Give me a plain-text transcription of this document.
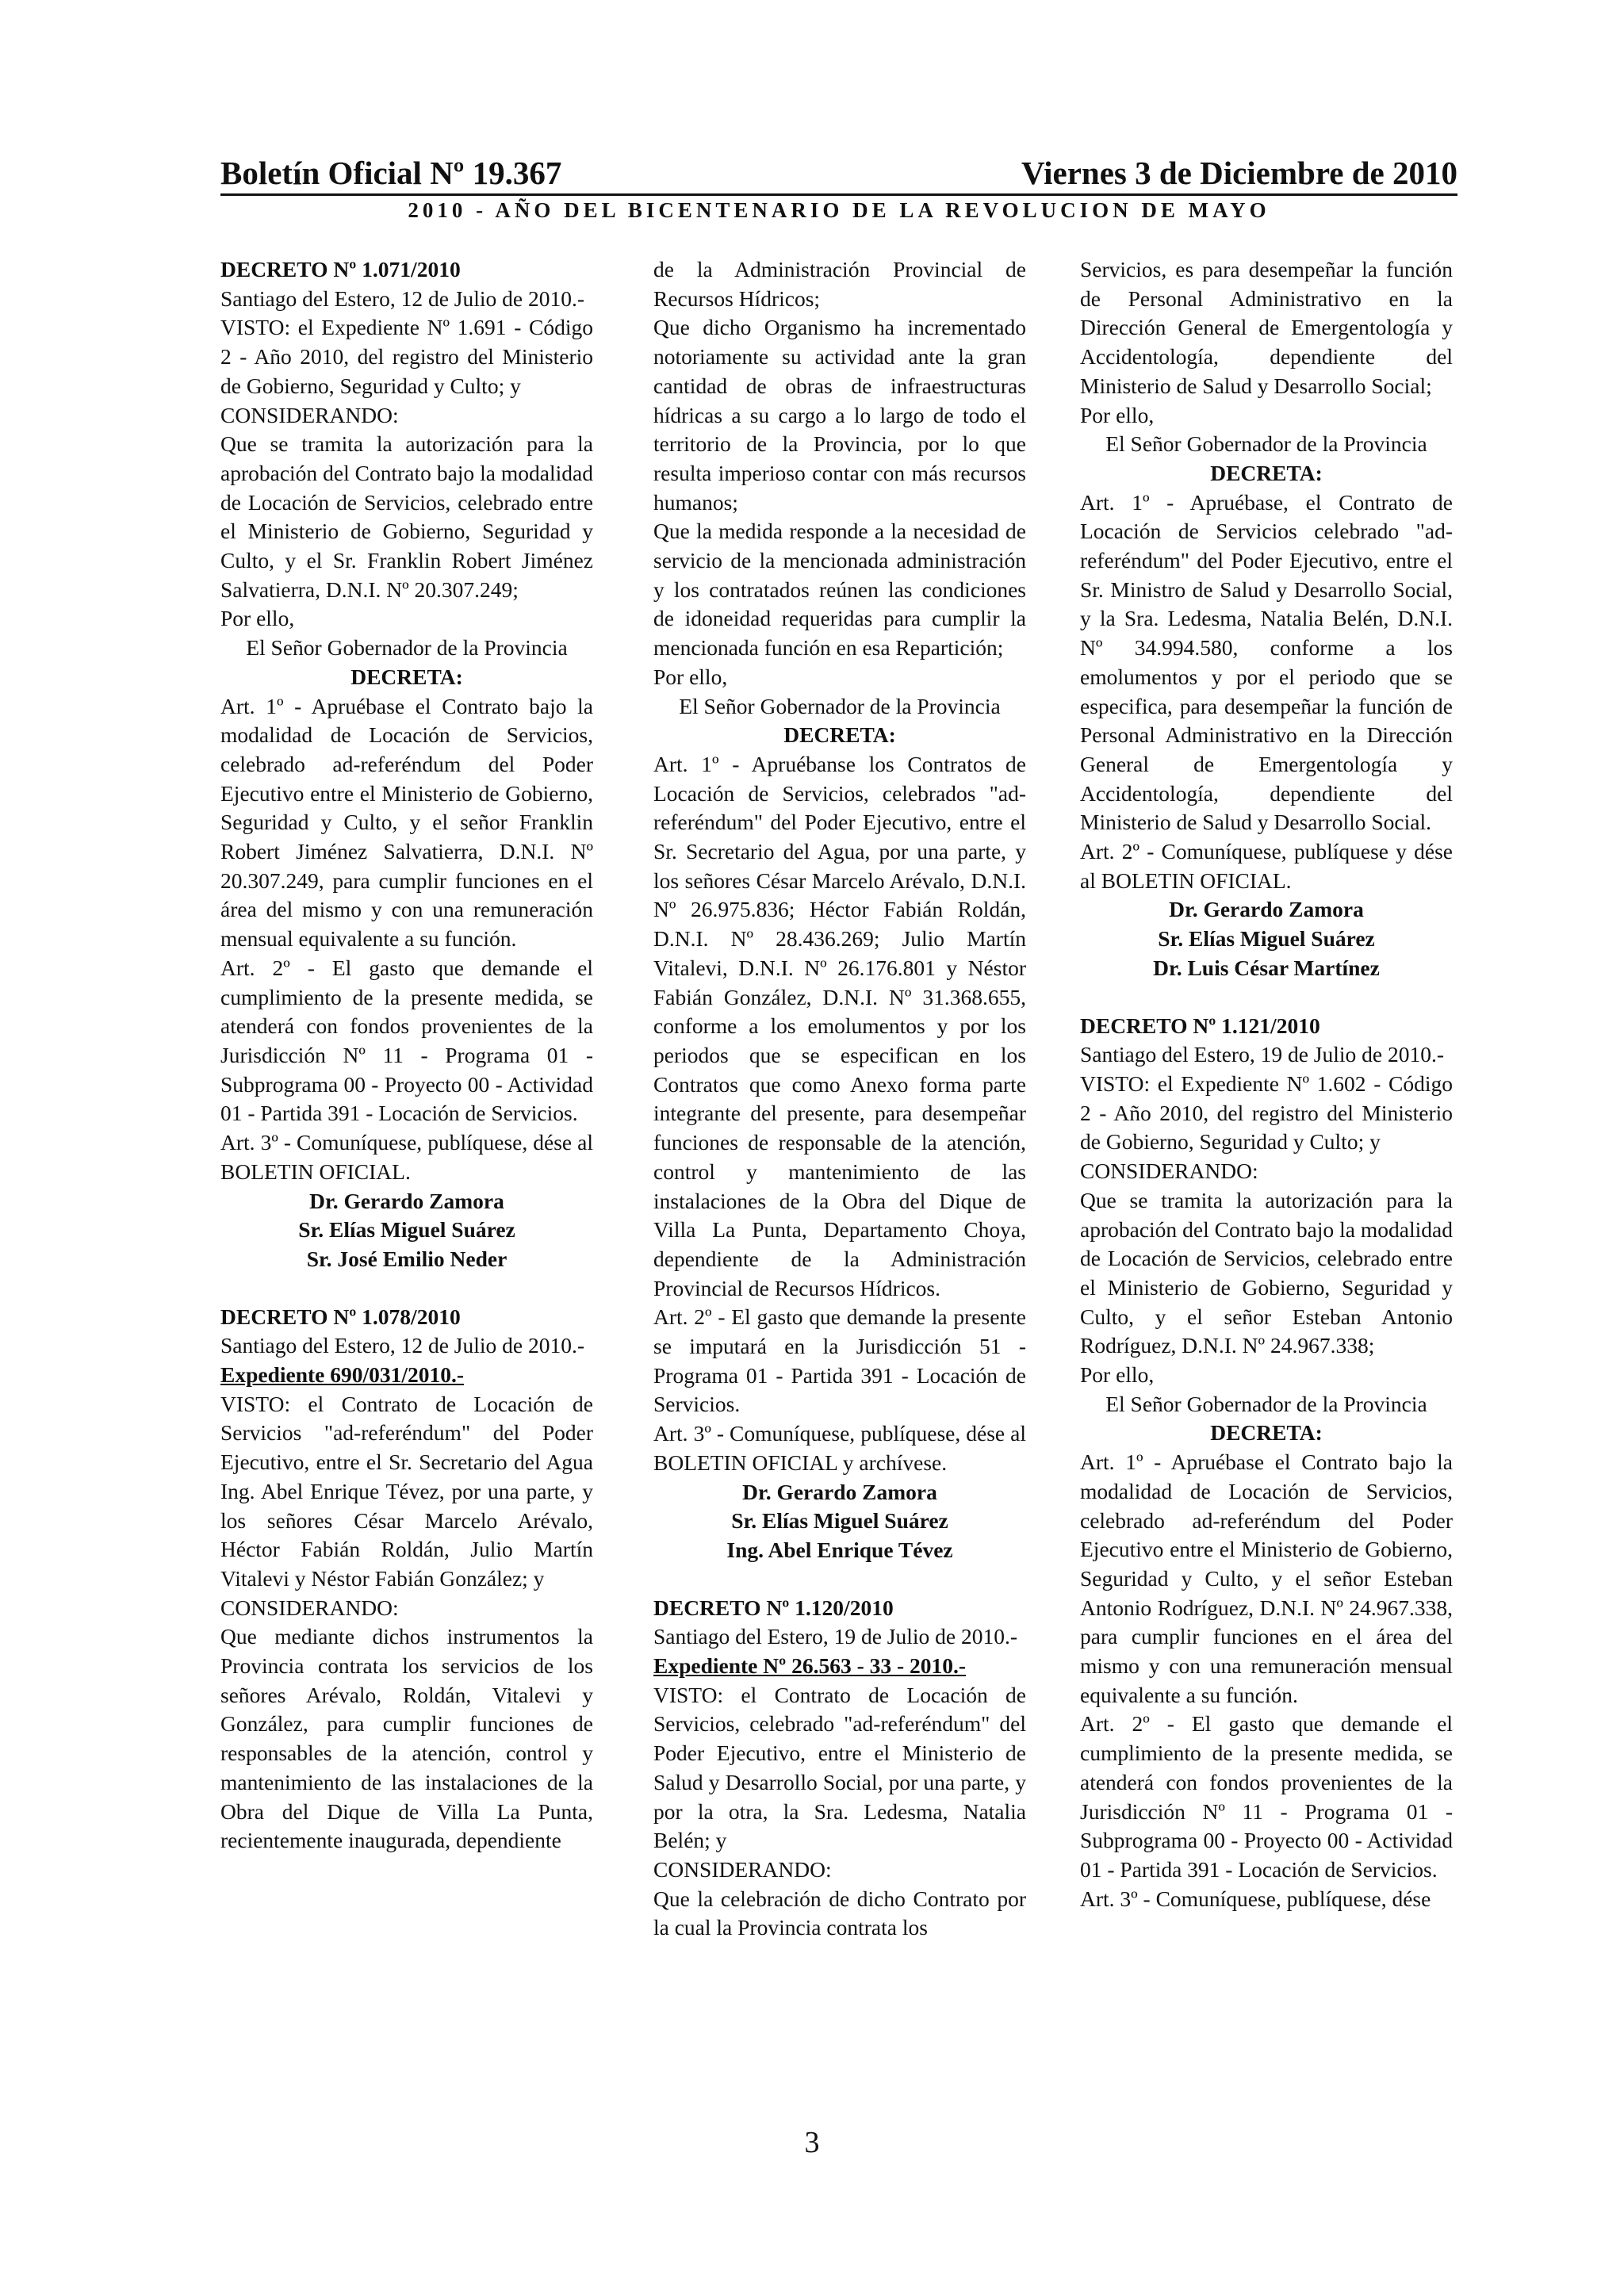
Boletín Oficial Nº 19.367	Viernes 3 de Diciembre de 2010
2010 - AÑO DEL BICENTENARIO DE LA REVOLUCION DE MAYO

DECRETO Nº 1.071/2010

Santiago del Estero, 12 de Julio de 2010.-

VISTO: el Expediente Nº 1.691 - Código 2 - Año 2010, del registro del Ministerio de Gobierno, Seguridad y Culto; y

CONSIDERANDO:

Que se tramita la autorización para la aprobación del Contrato bajo la modalidad de Locación de Servicios, celebrado entre el Ministerio de Gobierno, Seguridad y Culto, y el Sr. Franklin Robert Jiménez Salvatierra, D.N.I. Nº 20.307.249;

Por ello,

El Señor Gobernador de la Provincia

DECRETA:

Art. 1º - Apruébase el Contrato bajo la modalidad de Locación de Servicios, celebrado ad-referéndum del Poder Ejecutivo entre el Ministerio de Gobierno, Seguridad y Culto, y el señor Franklin Robert Jiménez Salvatierra, D.N.I. Nº 20.307.249, para cumplir funciones en el área del mismo y con una remuneración mensual equivalente a su función.

Art. 2º - El gasto que demande el cumplimiento de la presente medida, se atenderá con fondos provenientes de la Jurisdicción Nº 11 - Programa 01 - Subprograma 00 - Proyecto 00 - Actividad 01 - Partida 391 - Locación de Servicios.

Art. 3º - Comuníquese, publíquese, dése al BOLETIN OFICIAL.

Dr. Gerardo Zamora

Sr. Elías Miguel Suárez

Sr. José Emilio Neder

DECRETO Nº 1.078/2010

Santiago del Estero, 12 de Julio de 2010.-

Expediente 690/031/2010.-

VISTO: el Contrato de Locación de Servicios "ad-referéndum" del Poder Ejecutivo, entre el Sr. Secretario del Agua Ing. Abel Enrique Tévez, por una parte, y los señores César Marcelo Arévalo, Héctor Fabián Roldán, Julio Martín Vitalevi y Néstor Fabián González; y

CONSIDERANDO:

Que mediante dichos instrumentos la Provincia contrata los servicios de los señores Arévalo, Roldán, Vitalevi y González, para cumplir funciones de responsables de la atención, control y mantenimiento de las instalaciones de la Obra del Dique de Villa La Punta, recientemente inaugurada, dependiente

de la Administración Provincial de Recursos Hídricos;

Que dicho Organismo ha incrementado notoriamente su actividad ante la gran cantidad de obras de infraestructuras hídricas a su cargo a lo largo de todo el territorio de la Provincia, por lo que resulta imperioso contar con más recursos humanos;

Que la medida responde a la necesidad de servicio de la mencionada administración y los contratados reúnen las condiciones de idoneidad requeridas para cumplir la mencionada función en esa Repartición;

Por ello,

El Señor Gobernador de la Provincia

DECRETA:

Art. 1º - Apruébanse los Contratos de Locación de Servicios, celebrados "ad-referéndum" del Poder Ejecutivo, entre el Sr. Secretario del Agua, por una parte, y los señores César Marcelo Arévalo, D.N.I. Nº 26.975.836; Héctor Fabián Roldán, D.N.I. Nº 28.436.269; Julio Martín Vitalevi, D.N.I. Nº 26.176.801 y Néstor Fabián González, D.N.I. Nº 31.368.655, conforme a los emolumentos y por los periodos que se especifican en los Contratos que como Anexo forma parte integrante del presente, para desempeñar funciones de responsable de la atención, control y mantenimiento de las instalaciones de la Obra del Dique de Villa La Punta, Departamento Choya, dependiente de la Administración Provincial de Recursos Hídricos.

Art. 2º - El gasto que demande la presente se imputará en la Jurisdicción 51 - Programa 01 - Partida 391 - Locación de Servicios.

Art. 3º - Comuníquese, publíquese, dése al BOLETIN OFICIAL y archívese.

Dr. Gerardo Zamora

Sr. Elías Miguel Suárez

Ing. Abel Enrique Tévez

DECRETO Nº 1.120/2010

Santiago del Estero, 19 de Julio de 2010.-

Expediente Nº 26.563 - 33 - 2010.-

VISTO: el Contrato de Locación de Servicios, celebrado "ad-referéndum" del Poder Ejecutivo, entre el Ministerio de Salud y Desarrollo Social, por una parte, y por la otra, la Sra. Ledesma, Natalia Belén; y

CONSIDERANDO:

Que la celebración de dicho Contrato por la cual la Provincia contrata los

Servicios, es para desempeñar la función de Personal Administrativo en la Dirección General de Emergentología y Accidentología, dependiente del Ministerio de Salud y Desarrollo Social;

Por ello,

El Señor Gobernador de la Provincia

DECRETA:

Art. 1º - Apruébase, el Contrato de Locación de Servicios celebrado "ad-referéndum" del Poder Ejecutivo, entre el Sr. Ministro de Salud y Desarrollo Social, y la Sra. Ledesma, Natalia Belén, D.N.I. Nº 34.994.580, conforme a los emolumentos y por el periodo que se especifica, para desempeñar la función de Personal Administrativo en la Dirección General de Emergentología y Accidentología, dependiente del Ministerio de Salud y Desarrollo Social.

Art. 2º - Comuníquese, publíquese y dése al BOLETIN OFICIAL.

Dr. Gerardo Zamora

Sr. Elías Miguel Suárez

Dr. Luis César Martínez

DECRETO Nº 1.121/2010

Santiago del Estero, 19 de Julio de 2010.-

VISTO: el Expediente Nº 1.602 - Código 2 - Año 2010, del registro del Ministerio de Gobierno, Seguridad y Culto; y

CONSIDERANDO:

Que se tramita la autorización para la aprobación del Contrato bajo la modalidad de Locación de Servicios, celebrado entre el Ministerio de Gobierno, Seguridad y Culto, y el señor Esteban Antonio Rodríguez, D.N.I. Nº 24.967.338;

Por ello,

El Señor Gobernador de la Provincia

DECRETA:

Art. 1º - Apruébase el Contrato bajo la modalidad de Locación de Servicios, celebrado ad-referéndum del Poder Ejecutivo entre el Ministerio de Gobierno, Seguridad y Culto, y el señor Esteban Antonio Rodríguez, D.N.I. Nº 24.967.338, para cumplir funciones en el área del mismo y con una remuneración mensual equivalente a su función.

Art. 2º - El gasto que demande el cumplimiento de la presente medida, se atenderá con fondos provenientes de la Jurisdicción Nº 11 - Programa 01 - Subprograma 00 - Proyecto 00 - Actividad 01 - Partida 391 - Locación de Servicios.

Art. 3º - Comuníquese, publíquese, dése

3
